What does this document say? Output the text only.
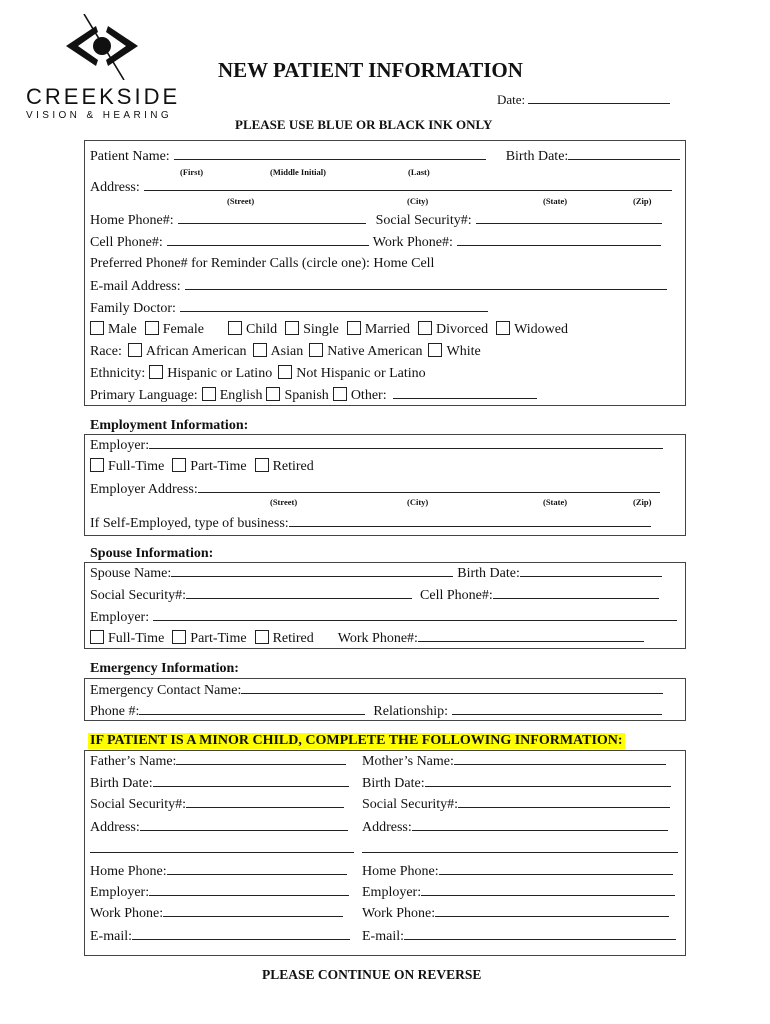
CREEKSIDE
VISION & HEARING
NEW PATIENT INFORMATION
Date:
PLEASE USE BLUE OR BLACK INK ONLY
Patient Name:	Birth Date:
(First)	(Middle Initial)	(Last)
Address:
(Street)	(City)	(State)	(Zip)
Home Phone#:	Social Security#:
Cell Phone#:	Work Phone#:
Preferred Phone# for Reminder Calls (circle one): Home Cell
E-mail Address:
Family Doctor:
Male	Female	Child	Single	Married	Divorced	Widowed
Race:	African American	Asian	Native American	White
Ethnicity:	Hispanic or Latino	Not Hispanic or Latino
Primary Language:	English	Spanish	Other:
Employment Information:
Employer:
Full-Time	Part-Time	Retired
Employer Address:
(Street)	(City)	(State)	(Zip)
If Self-Employed, type of business:
Spouse Information:
Spouse Name:	Birth Date:
Social Security#:	Cell Phone#:
Employer:
Full-Time	Part-Time	Retired Work Phone#:
Emergency Information:
Emergency Contact Name:
Phone #:	Relationship:
IF PATIENT IS A MINOR CHILD, COMPLETE THE FOLLOWING INFORMATION:
Father’s Name:	Mother’s Name:
Birth Date:	Birth Date:
Social Security#:	Social Security#:
Address:	Address:
Home Phone:	Home Phone:
Employer:	Employer:
Work Phone:	Work Phone:
E-mail:	E-mail:
PLEASE CONTINUE ON REVERSE
